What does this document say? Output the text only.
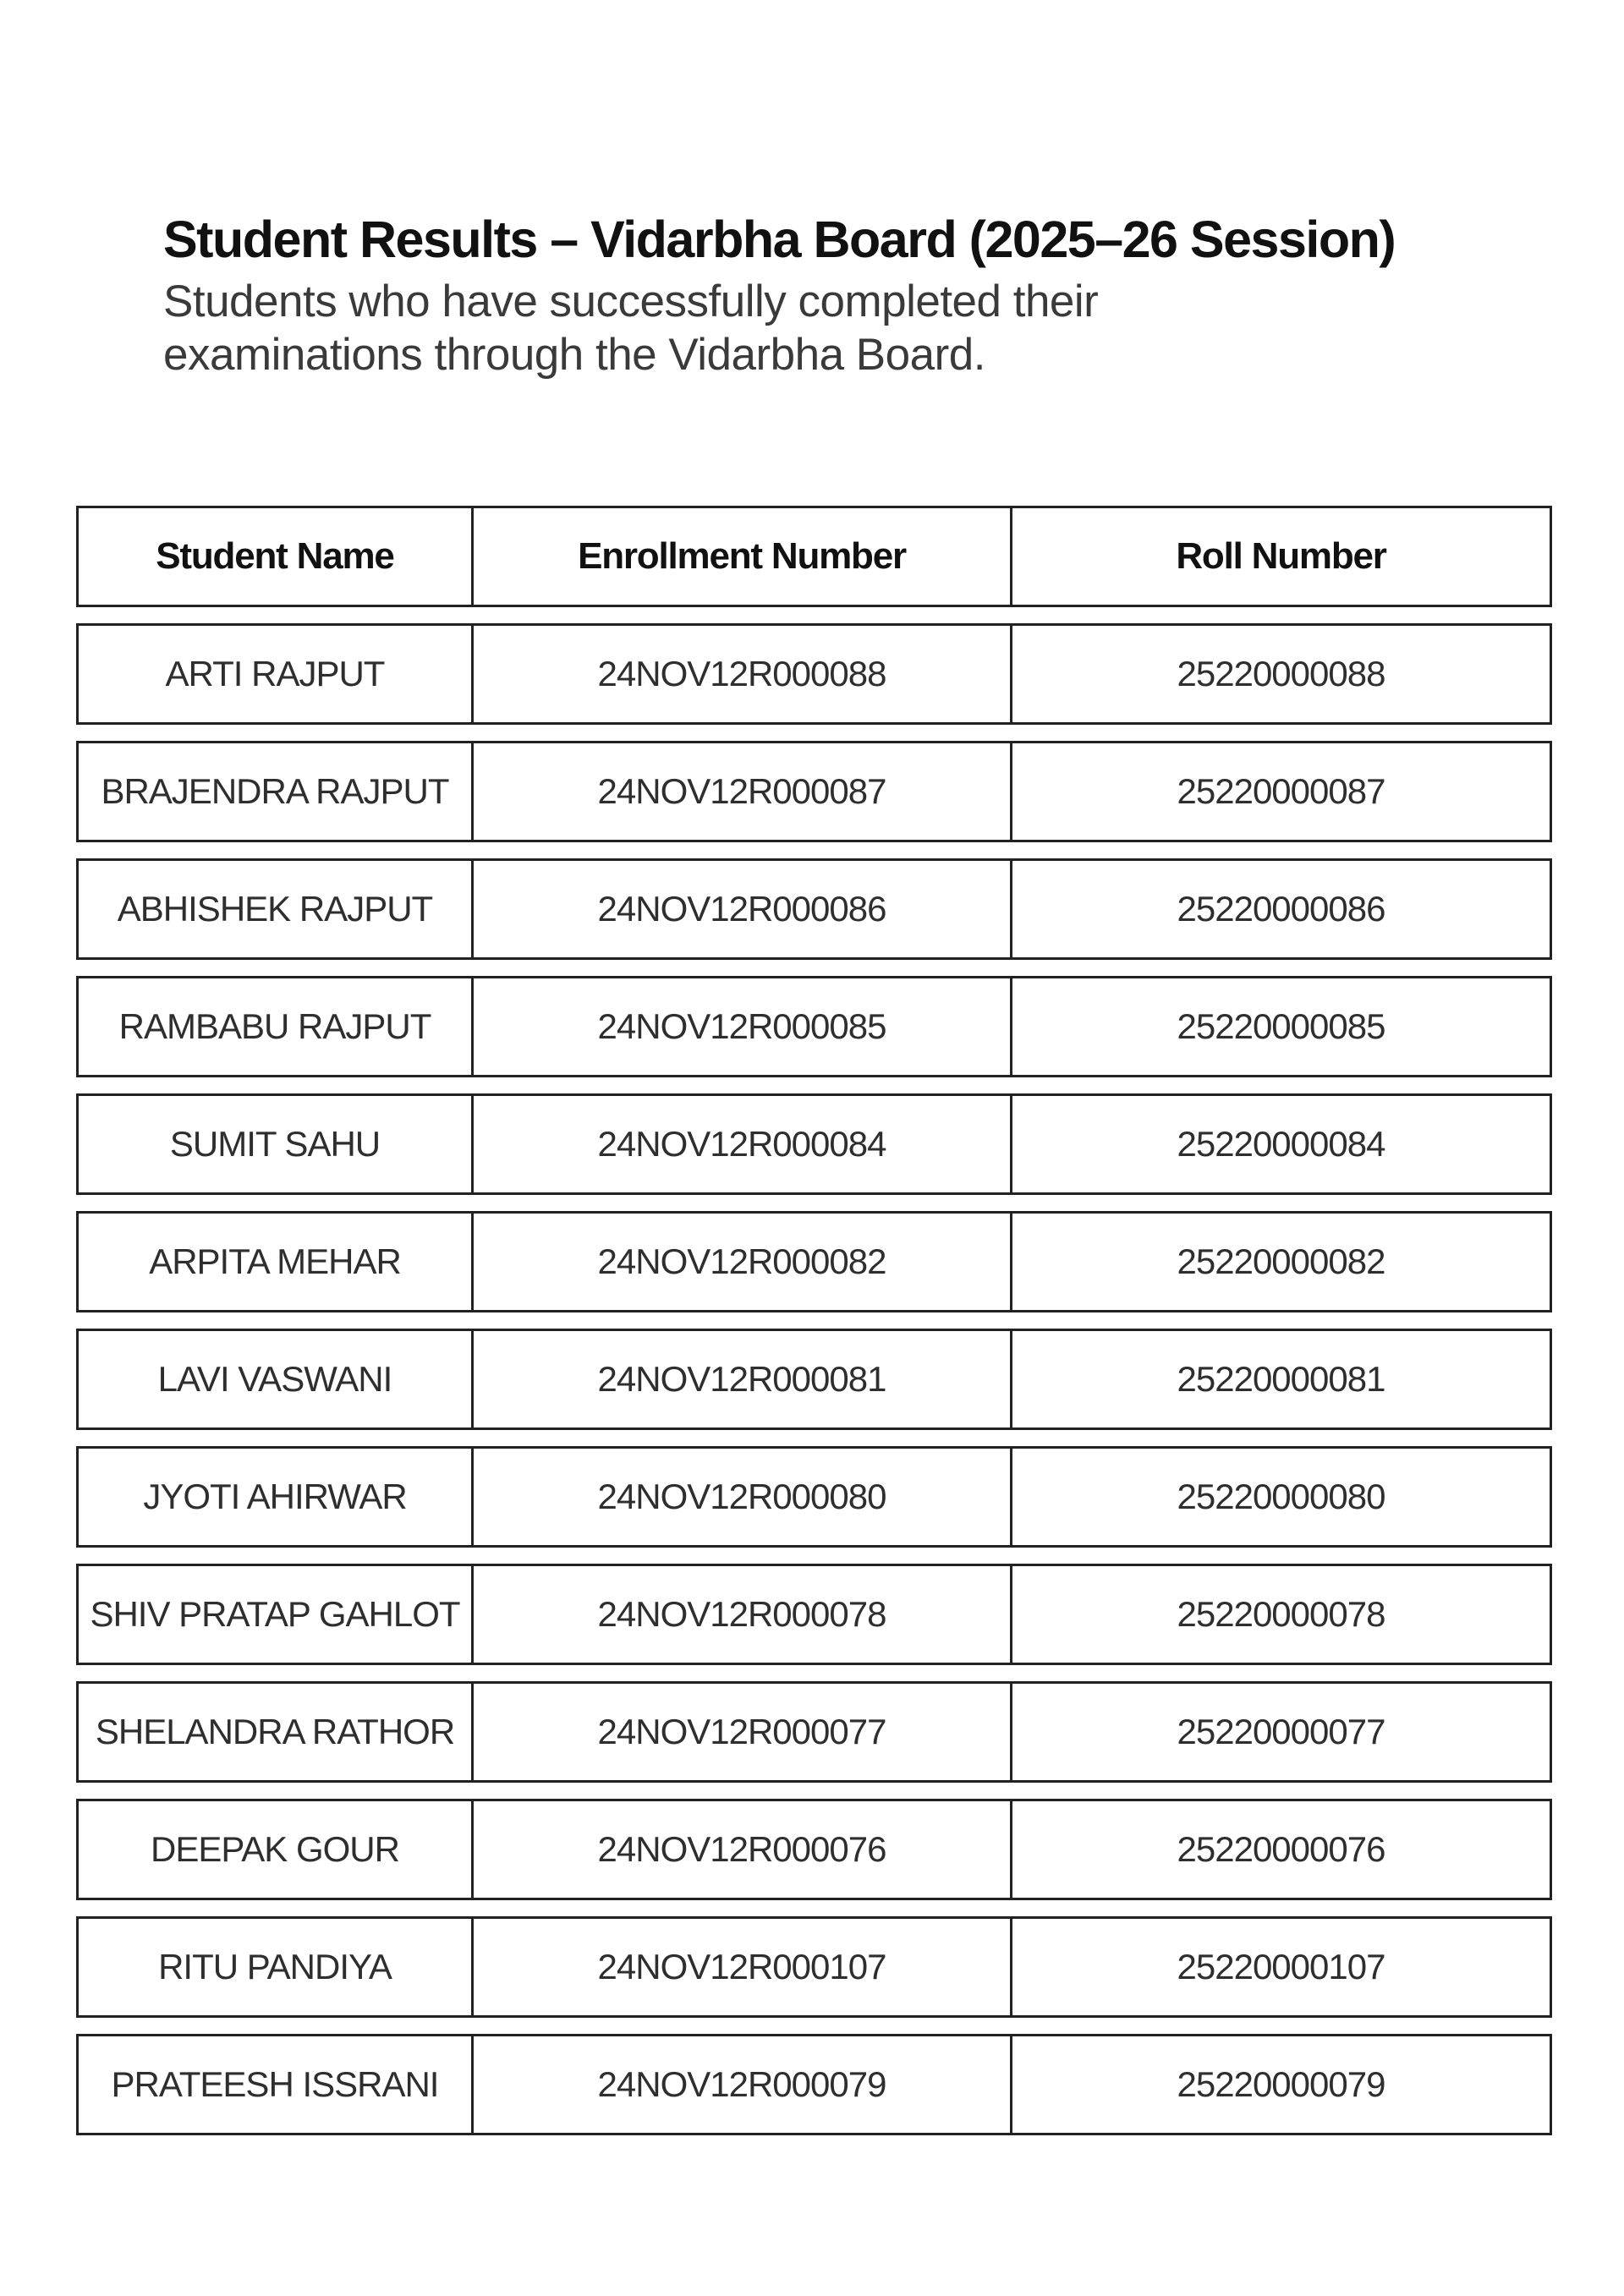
Student Results – Vidarbha Board (2025–26 Session)

Students who have successfully completed their
examinations through the Vidarbha Board.

Student Name	Enrollment Number	Roll Number
ARTI RAJPUT	24NOV12R000088	25220000088
BRAJENDRA RAJPUT	24NOV12R000087	25220000087
ABHISHEK RAJPUT	24NOV12R000086	25220000086
RAMBABU RAJPUT	24NOV12R000085	25220000085
SUMIT SAHU	24NOV12R000084	25220000084
ARPITA MEHAR	24NOV12R000082	25220000082
LAVI VASWANI	24NOV12R000081	25220000081
JYOTI AHIRWAR	24NOV12R000080	25220000080
SHIV PRATAP GAHLOT	24NOV12R000078	25220000078
SHELANDRA RATHOR	24NOV12R000077	25220000077
DEEPAK GOUR	24NOV12R000076	25220000076
RITU PANDIYA	24NOV12R000107	25220000107
PRATEESH ISSRANI	24NOV12R000079	25220000079
